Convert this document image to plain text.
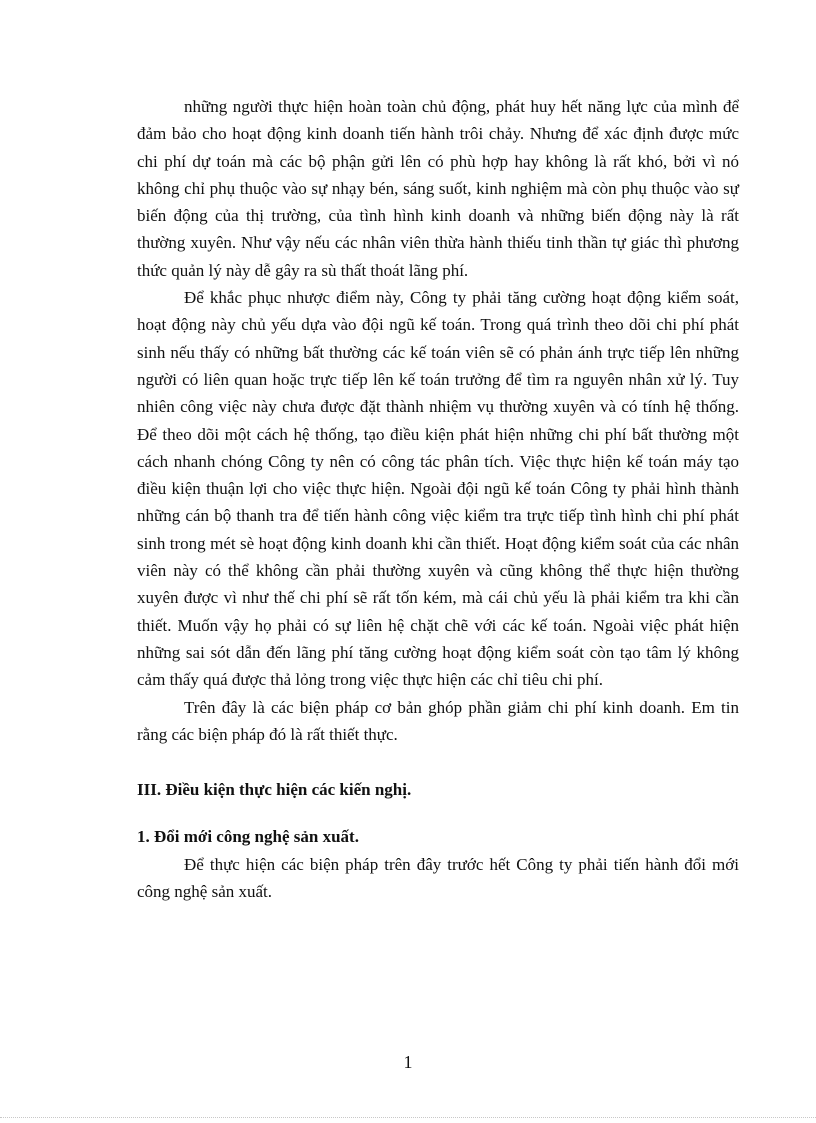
những người thực hiện hoàn toàn chủ động, phát huy hết năng lực của mình để đảm bảo cho hoạt động kinh doanh tiến hành trôi chảy. Nhưng để xác định được mức chi phí dự toán mà các bộ phận gửi lên có phù hợp hay không là rất khó, bởi vì nó không chỉ phụ thuộc vào sự nhạy bén, sáng suốt, kinh nghiệm mà còn phụ thuộc vào sự biến động của thị trường, của tình hình kinh doanh và những biến động này là rất thường xuyên. Như vậy nếu các nhân viên thừa hành thiếu tinh thần tự giác thì phương thức quản lý này dễ gây ra sù thất thoát lãng phí.

Để khắc phục nhược điểm này, Công ty phải tăng cường hoạt động kiểm soát, hoạt động này chủ yếu dựa vào đội ngũ kế toán. Trong quá trình theo dõi chi phí phát sinh nếu thấy có những bất thường các kế toán viên sẽ có phản ánh trực tiếp lên những người có liên quan hoặc trực tiếp lên kế toán trưởng để tìm ra nguyên nhân xử lý. Tuy nhiên công việc này chưa được đặt thành nhiệm vụ thường xuyên và có tính hệ thống. Để theo dõi một cách hệ thống, tạo điều kiện phát hiện những chi phí bất thường một cách nhanh chóng Công ty nên có công tác phân tích. Việc thực hiện kế toán máy tạo điều kiện thuận lợi cho việc thực hiện. Ngoài đội ngũ kế toán Công ty phải hình thành những cán bộ thanh tra để tiến hành công việc kiểm tra trực tiếp tình hình chi phí phát sinh trong mét sè hoạt động kinh doanh khi cần thiết. Hoạt động kiểm soát của các nhân viên này có thể không cần phải thường xuyên và cũng không thể thực hiện thường xuyên được vì như thế chi phí sẽ rất tốn kém, mà cái chủ yếu là phải kiểm tra khi cần thiết. Muốn vậy họ phải có sự liên hệ chặt chẽ với các kế toán. Ngoài việc phát hiện những sai sót dẫn đến lãng phí tăng cường hoạt động kiểm soát còn tạo tâm lý không cảm thấy quá được thả lỏng trong việc thực hiện các chỉ tiêu chi phí.

Trên đây là các biện pháp cơ bản ghóp phần giảm chi phí kinh doanh. Em tin rằng các biện pháp đó là rất thiết thực.

III. Điều kiện thực hiện các kiến nghị.

1. Đổi mới công nghệ sản xuất.

Để thực hiện các biện pháp trên đây trước hết Công ty phải tiến hành đổi mới công nghệ sản xuất.

1
